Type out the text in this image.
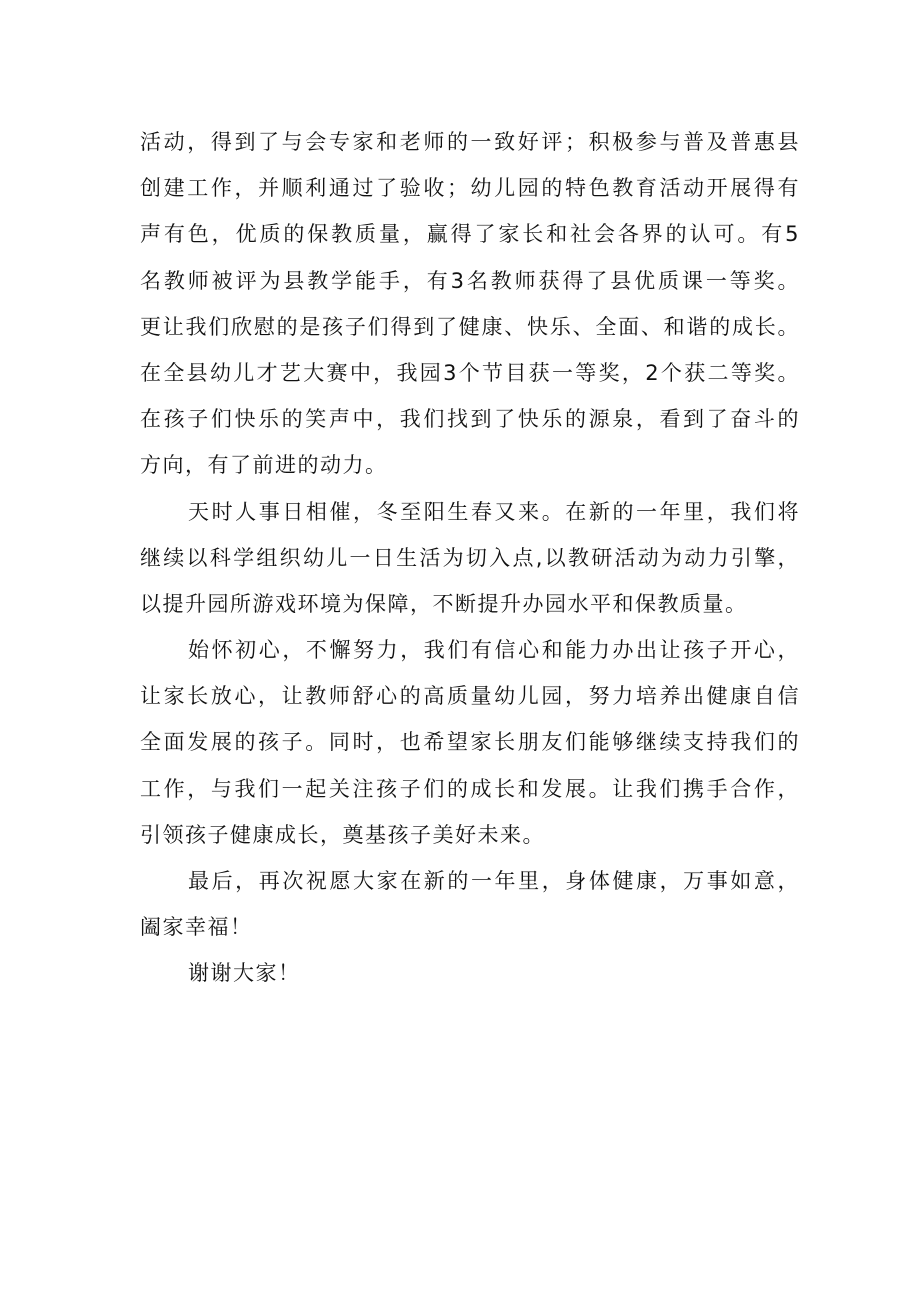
活动，得到了与会专家和老师的一致好评；积极参与普及普惠县
创建工作，并顺利通过了验收；幼儿园的特色教育活动开展得有
声有色，优质的保教质量，赢得了家长和社会各界的认可。有5
名教师被评为县教学能手，有3名教师获得了县优质课一等奖。
更让我们欣慰的是孩子们得到了健康、快乐、全面、和谐的成长。
在全县幼儿才艺大赛中，我园3个节目获一等奖，2个获二等奖。
在孩子们快乐的笑声中，我们找到了快乐的源泉，看到了奋斗的
方向，有了前进的动力。
天时人事日相催，冬至阳生春又来。在新的一年里，我们将
继续以科学组织幼儿一日生活为切入点,以教研活动为动力引擎，
以提升园所游戏环境为保障，不断提升办园水平和保教质量。
始怀初心，不懈努力，我们有信心和能力办出让孩子开心，
让家长放心，让教师舒心的高质量幼儿园，努力培养出健康自信
全面发展的孩子。同时，也希望家长朋友们能够继续支持我们的
工作，与我们一起关注孩子们的成长和发展。让我们携手合作，
引领孩子健康成长，奠基孩子美好未来。
最后，再次祝愿大家在新的一年里，身体健康，万事如意，
阖家幸福！
谢谢大家！
